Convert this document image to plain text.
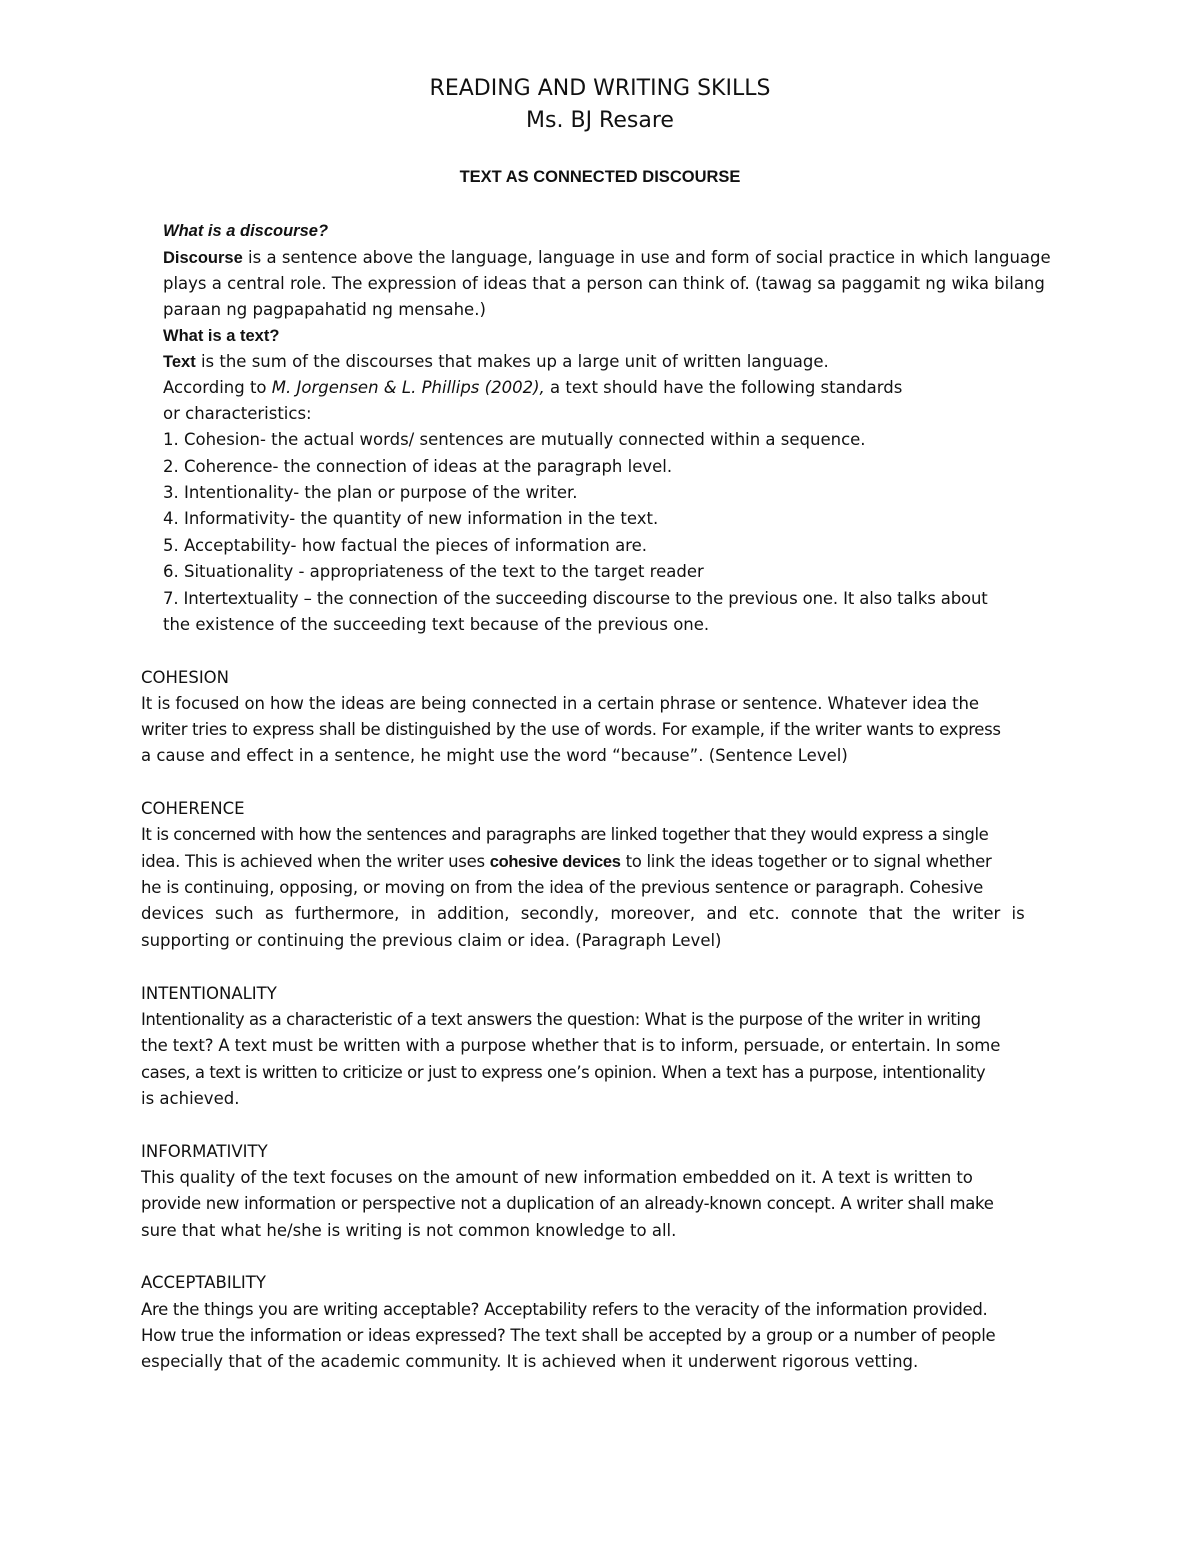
READING AND WRITING SKILLS
Ms. BJ Resare
TEXT AS CONNECTED DISCOURSE
What is a discourse?
Discourse is a sentence above the language, language in use and form of social practice in which language
plays a central role. The expression of ideas that a person can think of. (tawag sa paggamit ng wika bilang
paraan ng pagpapahatid ng mensahe.)
What is a text?
Text is the sum of the discourses that makes up a large unit of written language.
According to M. Jorgensen & L. Phillips (2002), a text should have the following standards
or characteristics:
1. Cohesion- the actual words/ sentences are mutually connected within a sequence.
2. Coherence- the connection of ideas at the paragraph level.
3. Intentionality- the plan or purpose of the writer.
4. Informativity- the quantity of new information in the text.
5. Acceptability- how factual the pieces of information are.
6. Situationality - appropriateness of the text to the target reader
7. Intertextuality – the connection of the succeeding discourse to the previous one. It also talks about
the existence of the succeeding text because of the previous one.
COHESION
It is focused on how the ideas are being connected in a certain phrase or sentence. Whatever idea the
writer tries to express shall be distinguished by the use of words. For example, if the writer wants to express
a cause and effect in a sentence, he might use the word “because”. (Sentence Level)
COHERENCE
It is concerned with how the sentences and paragraphs are linked together that they would express a single
idea. This is achieved when the writer uses cohesive devices to link the ideas together or to signal whether
he is continuing, opposing, or moving on from the idea of the previous sentence or paragraph. Cohesive
devices such as furthermore, in addition, secondly, moreover, and etc. connote that the writer is
supporting or continuing the previous claim or idea. (Paragraph Level)
INTENTIONALITY
Intentionality as a characteristic of a text answers the question: What is the purpose of the writer in writing
the text? A text must be written with a purpose whether that is to inform, persuade, or entertain. In some
cases, a text is written to criticize or just to express one’s opinion. When a text has a purpose, intentionality
is achieved.
INFORMATIVITY
This quality of the text focuses on the amount of new information embedded on it. A text is written to
provide new information or perspective not a duplication of an already-known concept. A writer shall make
sure that what he/she is writing is not common knowledge to all.
ACCEPTABILITY
Are the things you are writing acceptable? Acceptability refers to the veracity of the information provided.
How true the information or ideas expressed? The text shall be accepted by a group or a number of people
especially that of the academic community. It is achieved when it underwent rigorous vetting.
